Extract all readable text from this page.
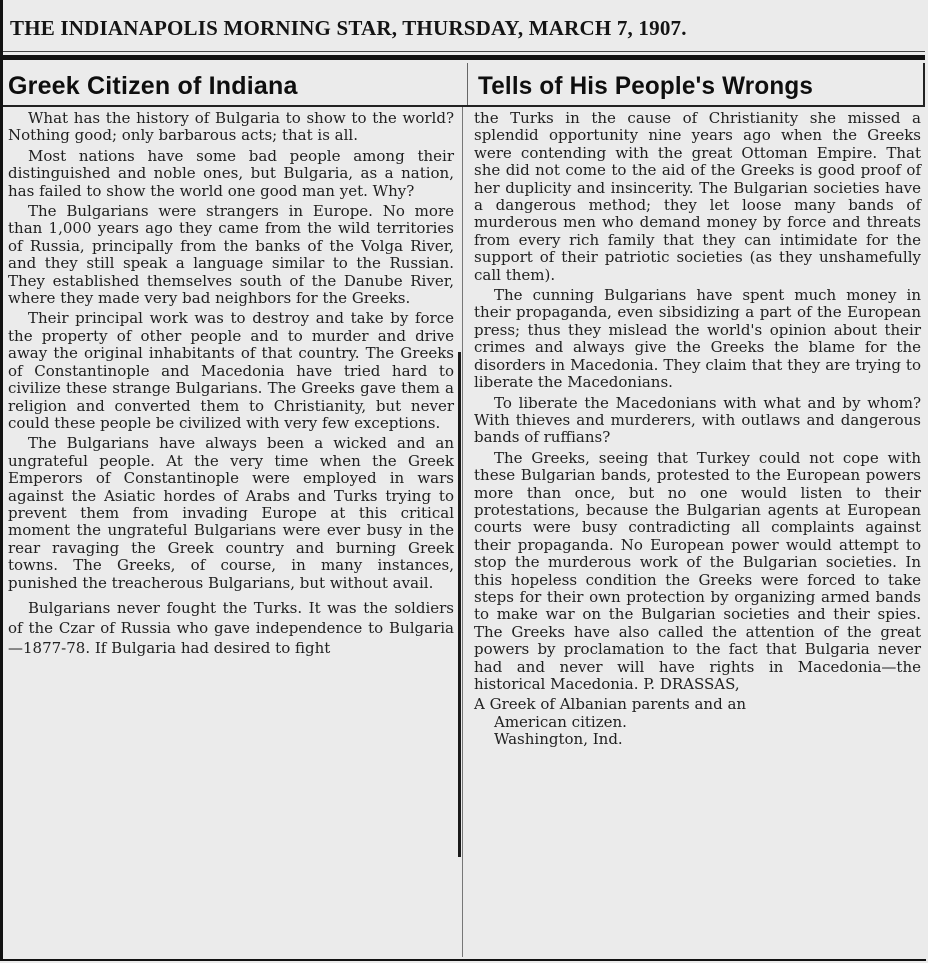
THE INDIANAPOLIS MORNING STAR, THURSDAY, MARCH 7, 1907.
Greek Citizen of Indiana	Tells of His People's Wrongs

What has the history of Bulgaria to show to the world? Nothing good; only barbarous acts; that is all.

Most nations have some bad people among their distinguished and noble ones, but Bulgaria, as a nation, has failed to show the world one good man yet. Why?

The Bulgarians were strangers in Europe. No more than 1,000 years ago they came from the wild territories of Russia, principally from the banks of the Volga River, and they still speak a language similar to the Russian. They established themselves south of the Danube River, where they made very bad neighbors for the Greeks.

Their principal work was to destroy and take by force the property of other people and to murder and drive away the original inhabitants of that country. The Greeks of Constantinople and Macedonia have tried hard to civilize these strange Bulgarians. The Greeks gave them a religion and converted them to Christianity, but never could these people be civilized with very few exceptions.

The Bulgarians have always been a wicked and an ungrateful people. At the very time when the Greek Emperors of Constantinople were employed in wars against the Asiatic hordes of Arabs and Turks trying to prevent them from invading Europe at this critical moment the ungrateful Bulgarians were ever busy in the rear ravaging the Greek country and burning Greek towns. The Greeks, of course, in many instances, punished the treacherous Bulgarians, but without avail.

Bulgarians never fought the Turks. It was the soldiers of the Czar of Russia who gave independence to Bulgaria—1877-78. If Bulgaria had desired to fight

the Turks in the cause of Christianity she missed a splendid opportunity nine years ago when the Greeks were contending with the great Ottoman Empire. That she did not come to the aid of the Greeks is good proof of her duplicity and insincerity. The Bulgarian societies have a dangerous method; they let loose many bands of murderous men who demand money by force and threats from every rich family that they can intimidate for the support of their patriotic societies (as they unshamefully call them).

The cunning Bulgarians have spent much money in their propaganda, even sibsidizing a part of the European press; thus they mislead the world's opinion about their crimes and always give the Greeks the blame for the disorders in Macedonia. They claim that they are trying to liberate the Macedonians.

To liberate the Macedonians with what and by whom? With thieves and murderers, with outlaws and dangerous bands of ruffians?

The Greeks, seeing that Turkey could not cope with these Bulgarian bands, protested to the European powers more than once, but no one would listen to their protestations, because the Bulgarian agents at European courts were busy contradicting all complaints against their propaganda. No European power would attempt to stop the murderous work of the Bulgarian societies. In this hopeless condition the Greeks were forced to take steps for their own protection by organizing armed bands to make war on the Bulgarian societies and their spies. The Greeks have also called the attention of the great powers by proclamation to the fact that Bulgaria never had and never will have rights in Macedonia—the historical Macedonia. P. DRASSAS,

A Greek of Albanian parents and an
American citizen.
Washington, Ind.
